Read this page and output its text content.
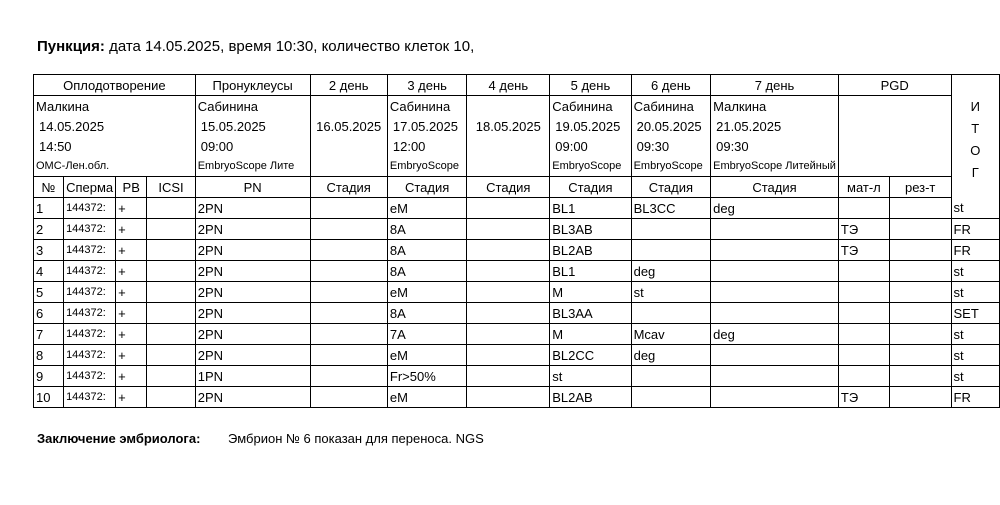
Пункция: дата 14.05.2025, время 10:30, количество клеток 10,
Оплодотворение				Пронуклеусы	2 день	3 день	4 день	5 день	6 день	7 день	PGD		И
Т
О
Г

Малкина				Сабинина		Сабинина		Сабинина	Сабинина	Малкина			
14.05.2025				15.05.2025	16.05.2025	17.05.2025	18.05.2025	19.05.2025	20.05.2025	21.05.2025			
14:50				09:00		12:00		09:00	09:30	09:30			
ОМС-Лен.обл.				EmbryoScope Лите		EmbryoScope		EmbryoScope	EmbryoScope	EmbryoScope Литейный			
№	Сперма	PB	ICSI	PN	Стадия	Стадия	Стадия	Стадия	Стадия	Стадия	мат-л	рез-т	
1	144372:	+		2PN		eM		BL1	BL3CC	deg			st
2	144372:	+		2PN		8A		BL3AB			ТЭ		FR
3	144372:	+		2PN		8A		BL2AB			ТЭ		FR
4	144372:	+		2PN		8A		BL1	deg				st
5	144372:	+		2PN		eM		M	st				st
6	144372:	+		2PN		8A		BL3AA					SET
7	144372:	+		2PN		7A		M	Mcav	deg			st
8	144372:	+		2PN		eM		BL2CC	deg				st
9	144372:	+		1PN		Fr>50%		st					st
10	144372:	+		2PN		eM		BL2AB			ТЭ		FR
Заключение эмбриолога: Эмбрион № 6 показан для переноса. NGS
